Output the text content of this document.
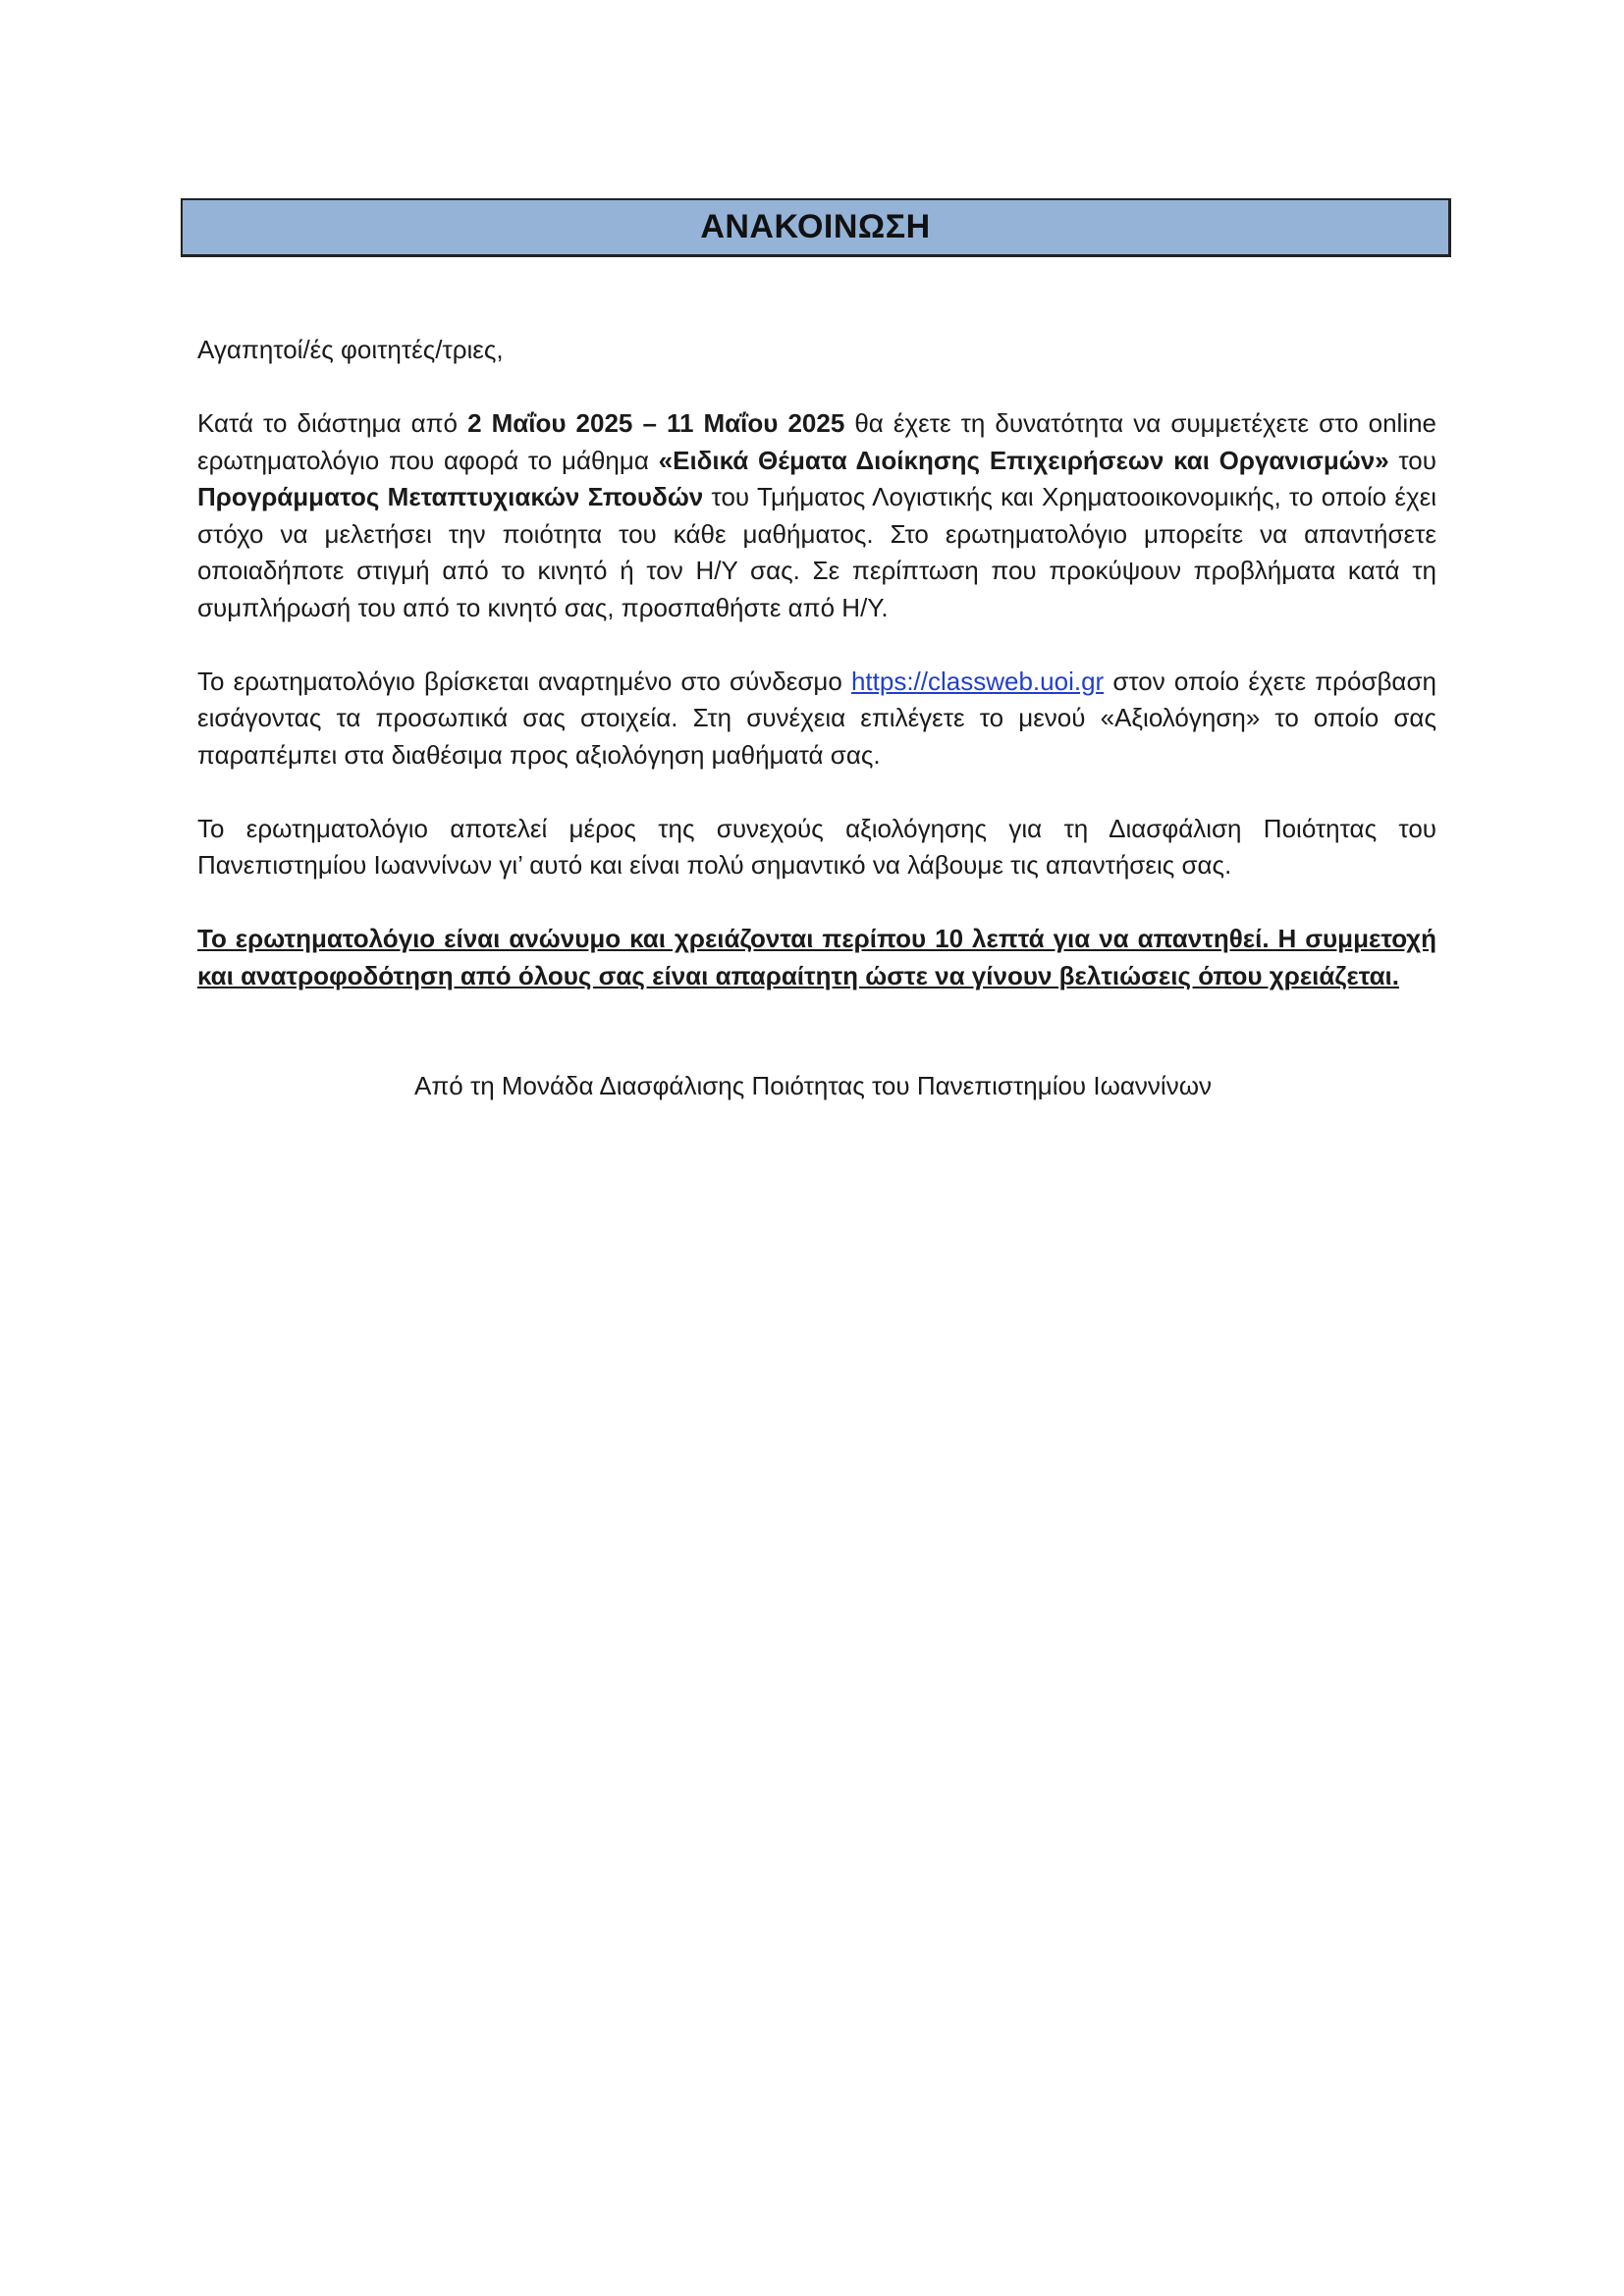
ΑΝΑΚΟΙΝΩΣΗ

Αγαπητοί/ές φοιτητές/τριες,

Κατά το διάστημα από 2 Μαΐου 2025 – 11 Μαΐου 2025 θα έχετε τη δυνατότητα να συμμετέχετε στο online ερωτηματολόγιο που αφορά το μάθημα «Ειδικά Θέματα Διοίκησης Επιχειρήσεων και Οργανισμών» του Προγράμματος Μεταπτυχιακών Σπουδών του Τμήματος Λογιστικής και Χρηματοοικονομικής, το οποίο έχει στόχο να μελετήσει την ποιότητα του κάθε μαθήματος. Στο ερωτηματολόγιο μπορείτε να απαντήσετε οποιαδήποτε στιγμή από το κινητό ή τον Η/Υ σας. Σε περίπτωση που προκύψουν προβλήματα κατά τη συμπλήρωσή του από το κινητό σας, προσπαθήστε από Η/Υ.

Το ερωτηματολόγιο βρίσκεται αναρτημένο στο σύνδεσμο https://classweb.uoi.gr στον οποίο έχετε πρόσβαση εισάγοντας τα προσωπικά σας στοιχεία. Στη συνέχεια επιλέγετε το μενού «Αξιολόγηση» το οποίο σας παραπέμπει στα διαθέσιμα προς αξιολόγηση μαθήματά σας.

Το ερωτηματολόγιο αποτελεί μέρος της συνεχούς αξιολόγησης για τη Διασφάλιση Ποιότητας του Πανεπιστημίου Ιωαννίνων γι’ αυτό και είναι πολύ σημαντικό να λάβουμε τις απαντήσεις σας.

Το ερωτηματολόγιο είναι ανώνυμο και χρειάζονται περίπου 10 λεπτά για να απαντηθεί. Η συμμετοχή και ανατροφοδότηση από όλους σας είναι απαραίτητη ώστε να γίνουν βελτιώσεις όπου χρειάζεται.

Από τη Μονάδα Διασφάλισης Ποιότητας του Πανεπιστημίου Ιωαννίνων
